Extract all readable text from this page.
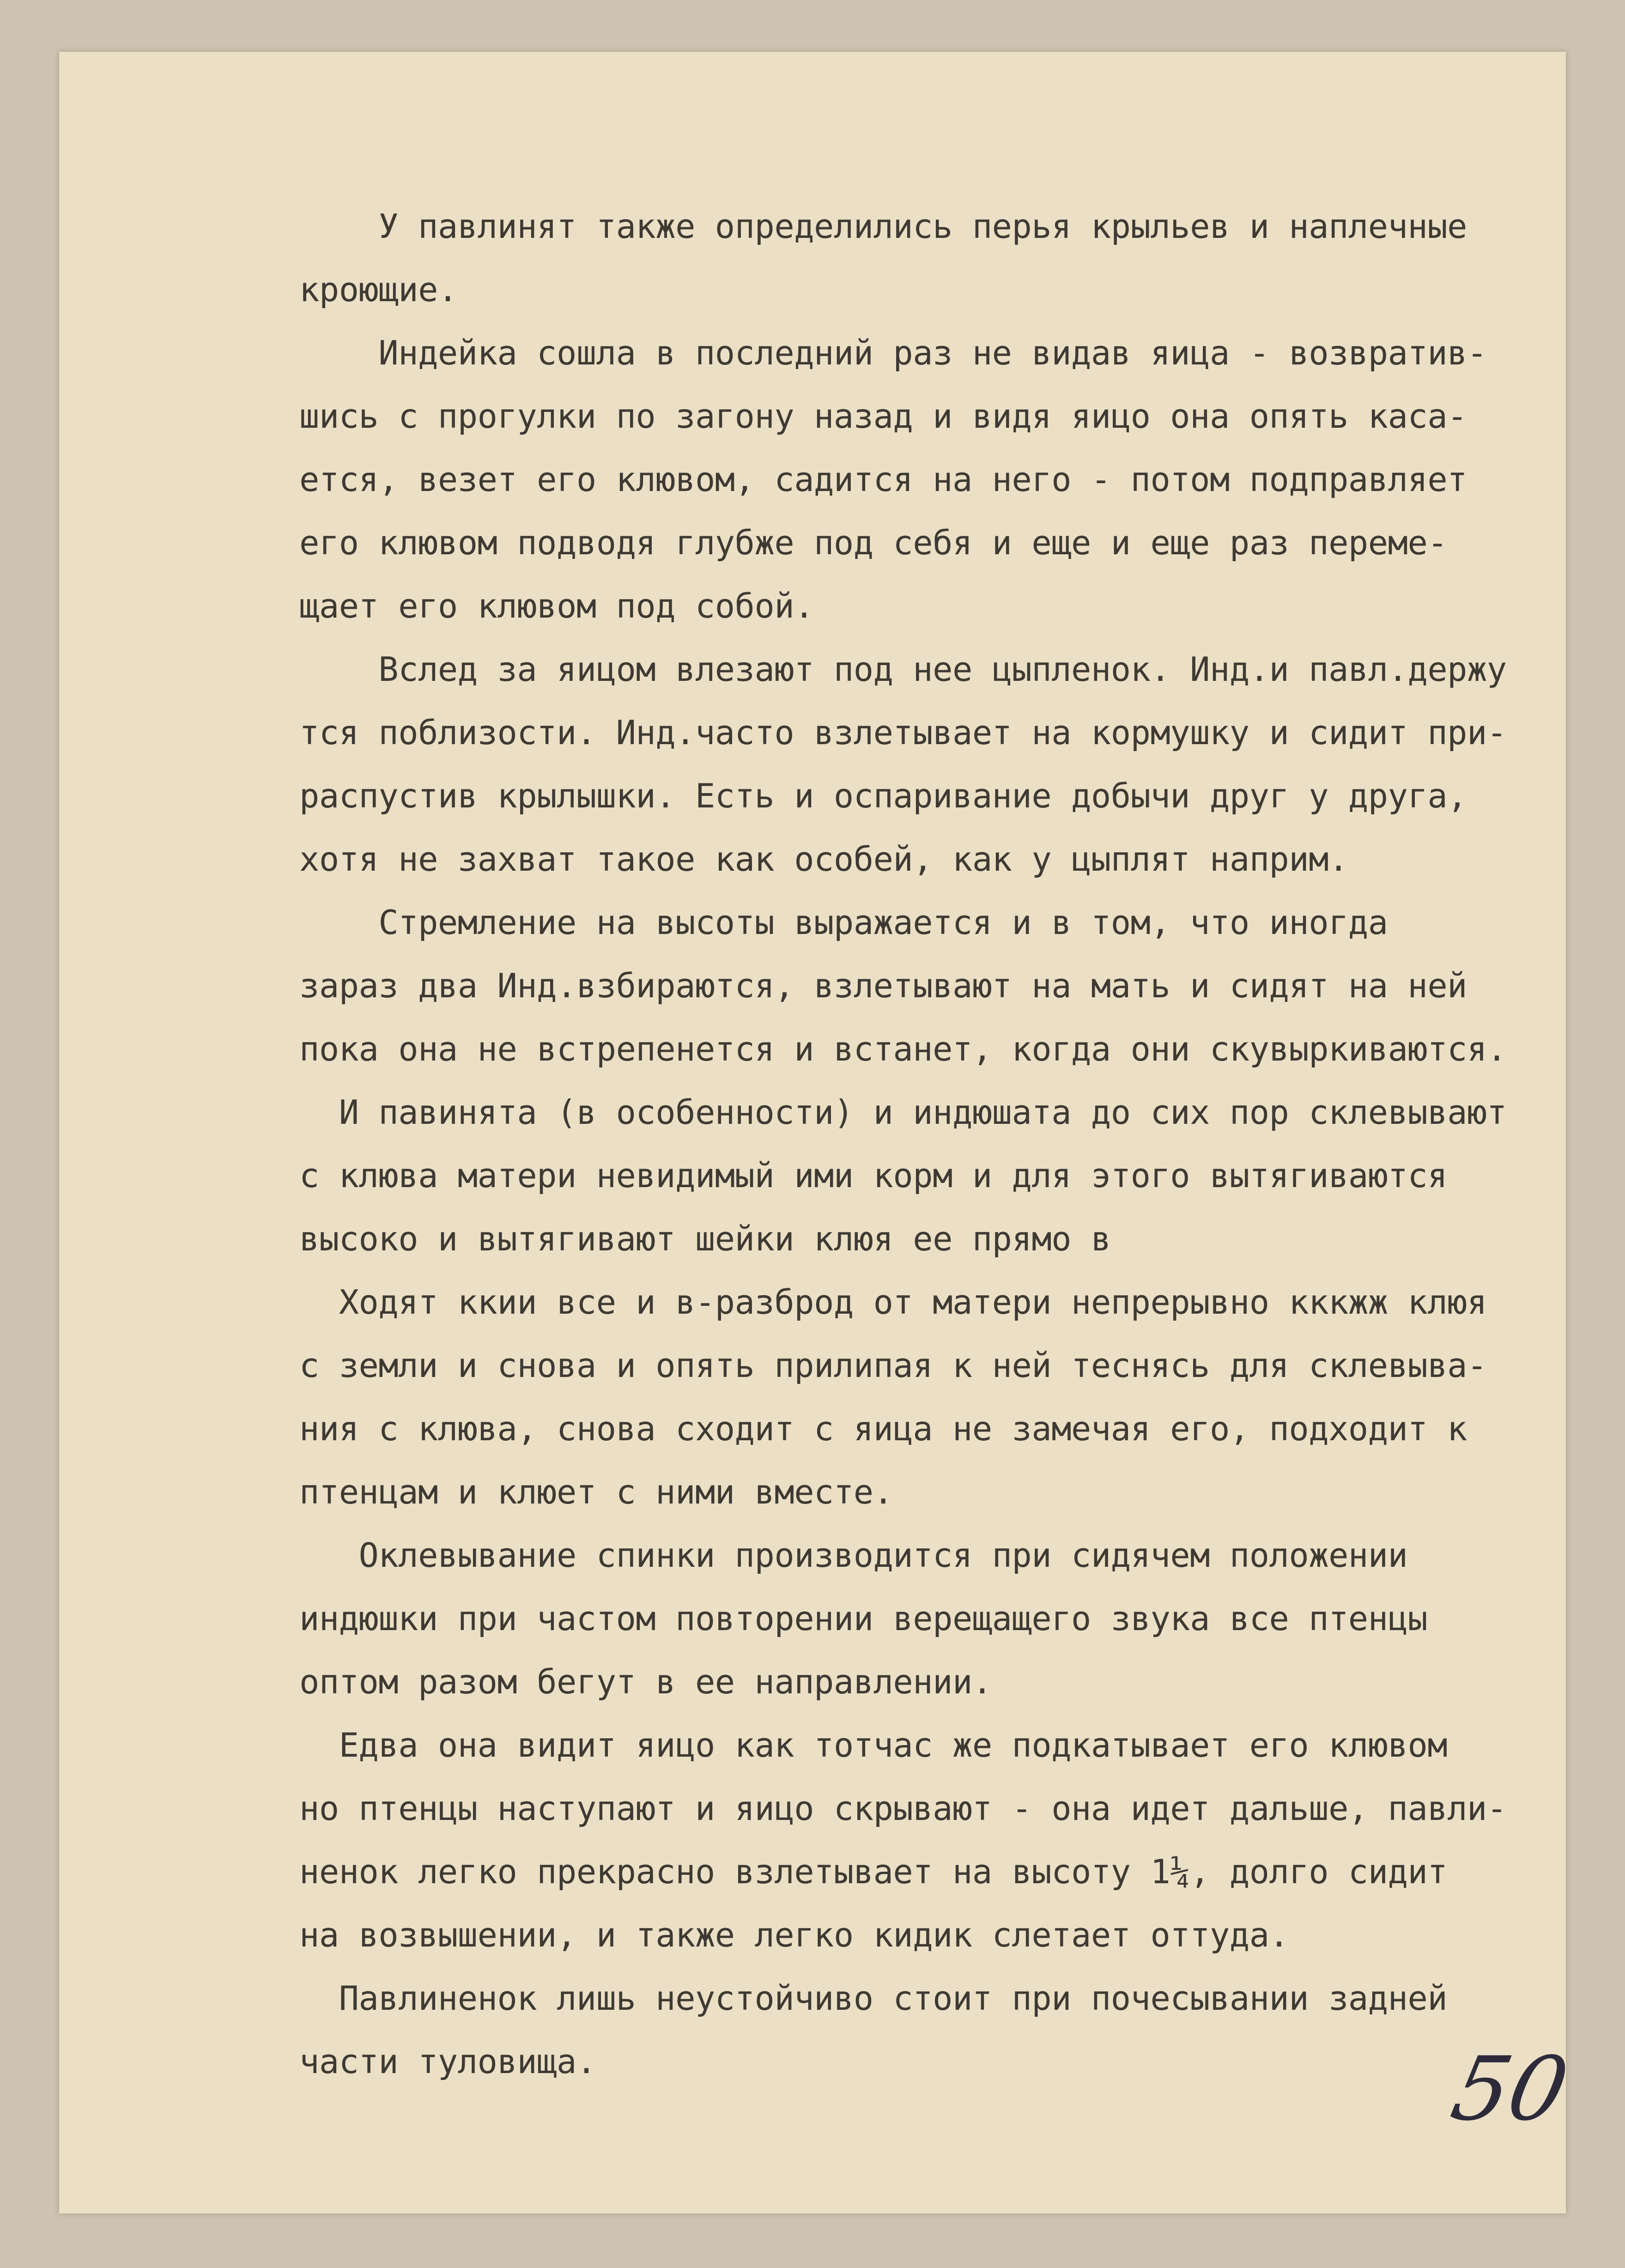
У павлинят также определились перья крыльев и наплечные
кроющие.
Индейка сошла в последний раз не видав яица - возвратив-
шись с прогулки по загону назад и видя яицо она опять каса-
ется, везет его клювом, садится на него - потом подправляет
его клювом подводя глубже под себя и еще и еще раз переме-
щает его клювом под собой.
Вслед за яицом влезают под нее цыпленок. Инд.и павл.держу
тся поблизости. Инд.часто взлетывает на кормушку и сидит при-
распустив крылышки. Есть и оспаривание добычи друг у друга,
хотя не захват такое как особей, как у цыплят наприм.
Стремление на высоты выражается и в том, что иногда
зараз два Инд.взбираются, взлетывают на мать и сидят на ней
пока она не встрепенется и встанет, когда они скувыркиваются.
И павинята (в особенности) и индюшата до сих пор склевывают
с клюва матери невидимый ими корм и для этого вытягиваются
высоко и вытягивают шейки клюя ее прямо в
Ходят ккии все и в-разброд от матери непрерывно кккжж клюя
с земли и снова и опять прилипая к ней теснясь для склевыва-
ния с клюва, снова сходит с яица не замечая его, подходит к
птенцам и клюет с ними вместе.
Оклевывание спинки производится при сидячем положении
индюшки при частом повторении верещащего звука все птенцы
оптом разом бегут в ее направлении.
Едва она видит яицо как тотчас же подкатывает его клювом
но птенцы наступают и яицо скрывают - она идет дальше, павли-
ненок легко прекрасно взлетывает на высоту 1¼, долго сидит
на возвышении, и также легко кидик слетает оттуда.
Павлиненок лишь неустойчиво стоит при почесывании задней
части туловища.	50
